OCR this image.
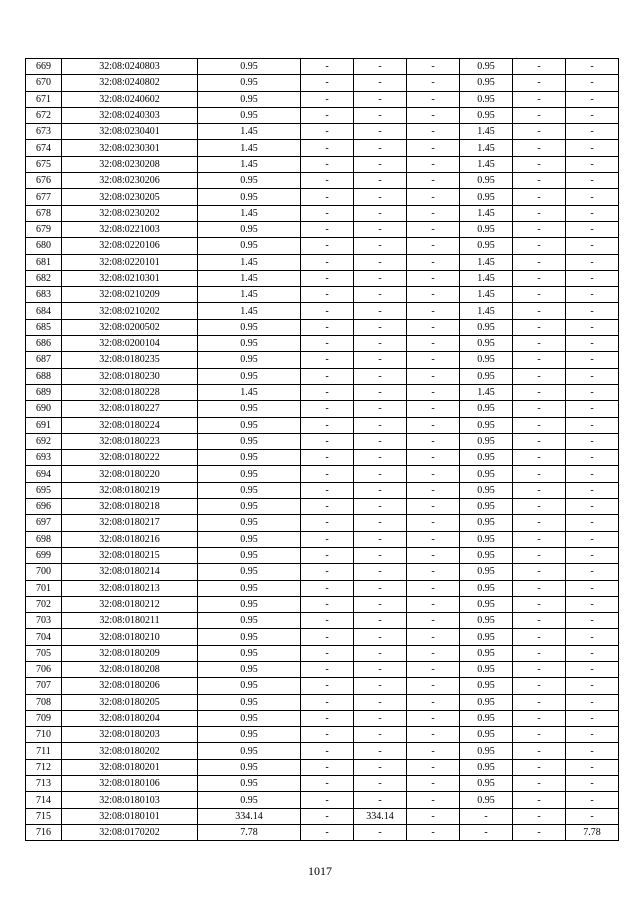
669	32:08:0240803	0.95	-	-	-	0.95	-	-
670	32:08:0240802	0.95	-	-	-	0.95	-	-
671	32:08:0240602	0.95	-	-	-	0.95	-	-
672	32:08:0240303	0.95	-	-	-	0.95	-	-
673	32:08:0230401	1.45	-	-	-	1.45	-	-
674	32:08:0230301	1.45	-	-	-	1.45	-	-
675	32:08:0230208	1.45	-	-	-	1.45	-	-
676	32:08:0230206	0.95	-	-	-	0.95	-	-
677	32:08:0230205	0.95	-	-	-	0.95	-	-
678	32:08:0230202	1.45	-	-	-	1.45	-	-
679	32:08:0221003	0.95	-	-	-	0.95	-	-
680	32:08:0220106	0.95	-	-	-	0.95	-	-
681	32:08:0220101	1.45	-	-	-	1.45	-	-
682	32:08:0210301	1.45	-	-	-	1.45	-	-
683	32:08:0210209	1.45	-	-	-	1.45	-	-
684	32:08:0210202	1.45	-	-	-	1.45	-	-
685	32:08:0200502	0.95	-	-	-	0.95	-	-
686	32:08:0200104	0.95	-	-	-	0.95	-	-
687	32:08:0180235	0.95	-	-	-	0.95	-	-
688	32:08:0180230	0.95	-	-	-	0.95	-	-
689	32:08:0180228	1.45	-	-	-	1.45	-	-
690	32:08:0180227	0.95	-	-	-	0.95	-	-
691	32:08:0180224	0.95	-	-	-	0.95	-	-
692	32:08:0180223	0.95	-	-	-	0.95	-	-
693	32:08:0180222	0.95	-	-	-	0.95	-	-
694	32:08:0180220	0.95	-	-	-	0.95	-	-
695	32:08:0180219	0.95	-	-	-	0.95	-	-
696	32:08:0180218	0.95	-	-	-	0.95	-	-
697	32:08:0180217	0.95	-	-	-	0.95	-	-
698	32:08:0180216	0.95	-	-	-	0.95	-	-
699	32:08:0180215	0.95	-	-	-	0.95	-	-
700	32:08:0180214	0.95	-	-	-	0.95	-	-
701	32:08:0180213	0.95	-	-	-	0.95	-	-
702	32:08:0180212	0.95	-	-	-	0.95	-	-
703	32:08:0180211	0.95	-	-	-	0.95	-	-
704	32:08:0180210	0.95	-	-	-	0.95	-	-
705	32:08:0180209	0.95	-	-	-	0.95	-	-
706	32:08:0180208	0.95	-	-	-	0.95	-	-
707	32:08:0180206	0.95	-	-	-	0.95	-	-
708	32:08:0180205	0.95	-	-	-	0.95	-	-
709	32:08:0180204	0.95	-	-	-	0.95	-	-
710	32:08:0180203	0.95	-	-	-	0.95	-	-
711	32:08:0180202	0.95	-	-	-	0.95	-	-
712	32:08:0180201	0.95	-	-	-	0.95	-	-
713	32:08:0180106	0.95	-	-	-	0.95	-	-
714	32:08:0180103	0.95	-	-	-	0.95	-	-
715	32:08:0180101	334.14	-	334.14	-	-	-	-
716	32:08:0170202	7.78	-	-	-	-	-	7.78
1017
